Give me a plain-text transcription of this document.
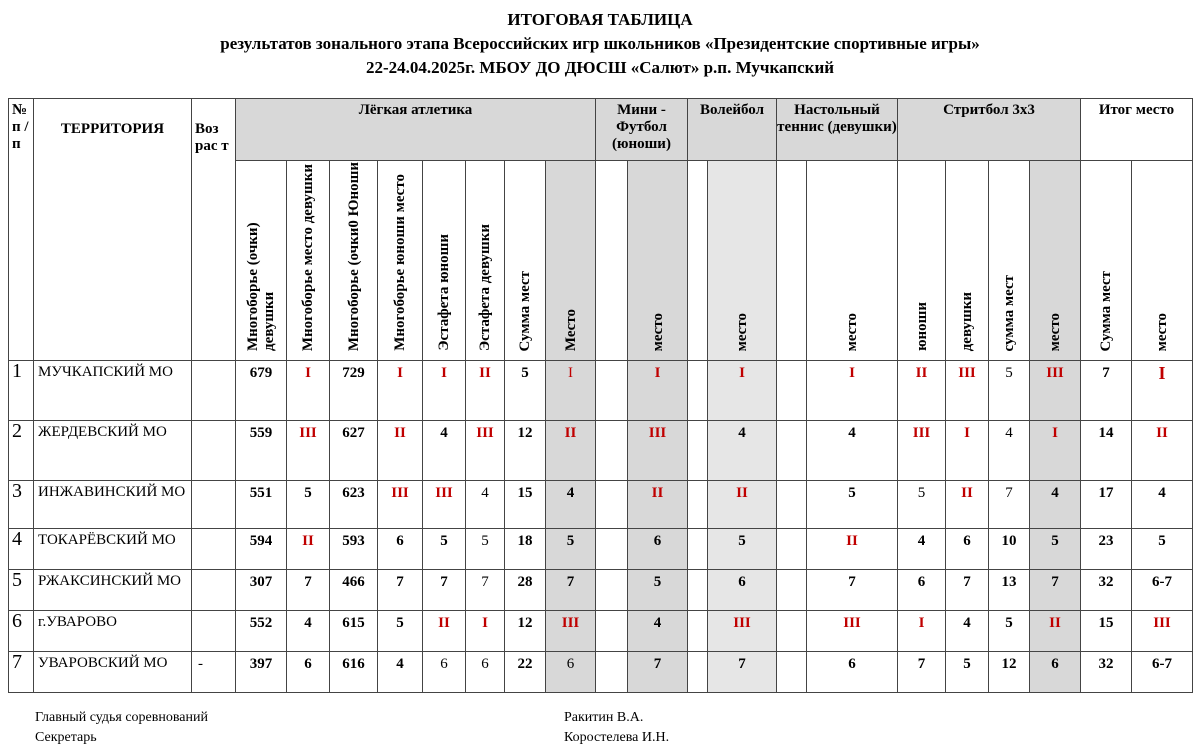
ИТОГОВАЯ ТАБЛИЦА
результатов зонального этапа Всероссийских игр школьников «Президентские спортивные игры»
22-24.04.2025г. МБОУ ДО ДЮСШ «Салют» р.п. Мучкапский
№ п / п	ТЕРРИТОРИЯ	Воз рас т	Лёгкая атлетика								Мини - Футбол (юноши)		Волейбол		Настольный теннис (девушки)		Стритбол 3х3				Итог место	
			Многоборье (очки) девушки	Многоборье место девушки	Многоборье (очки0 Юноши	Многоборье юноши место	Эстафета юноши	Эстафета девушки	Сумма мест	Место		место		место		место	юноши	девушки	сумма мест	место	Сумма мест	место
1	МУЧКАПСКИЙ МО		679	I	729	I	I	II	5	I		I		I		I	II	III	5	III	7	I
2	ЖЕРДЕВСКИЙ МО		559	III	627	II	4	III	12	II		III		4		4	III	I	4	I	14	II
3	ИНЖАВИНСКИЙ МО		551	5	623	III	III	4	15	4		II		II		5	5	II	7	4	17	4
4	ТОКАРЁВСКИЙ МО		594	II	593	6	5	5	18	5		6		5		II	4	6	10	5	23	5
5	РЖАКСИНСКИЙ МО		307	7	466	7	7	7	28	7		5		6		7	6	7	13	7	32	6-7
6	г.УВАРОВО		552	4	615	5	II	I	12	III		4		III		III	I	4	5	II	15	III
7	УВАРОВСКИЙ МО	-	397	6	616	4	6	6	22	6		7		7		6	7	5	12	6	32	6-7
Главный судья соревнований	Ракитин В.А.
Секретарь	Коростелева И.Н.
